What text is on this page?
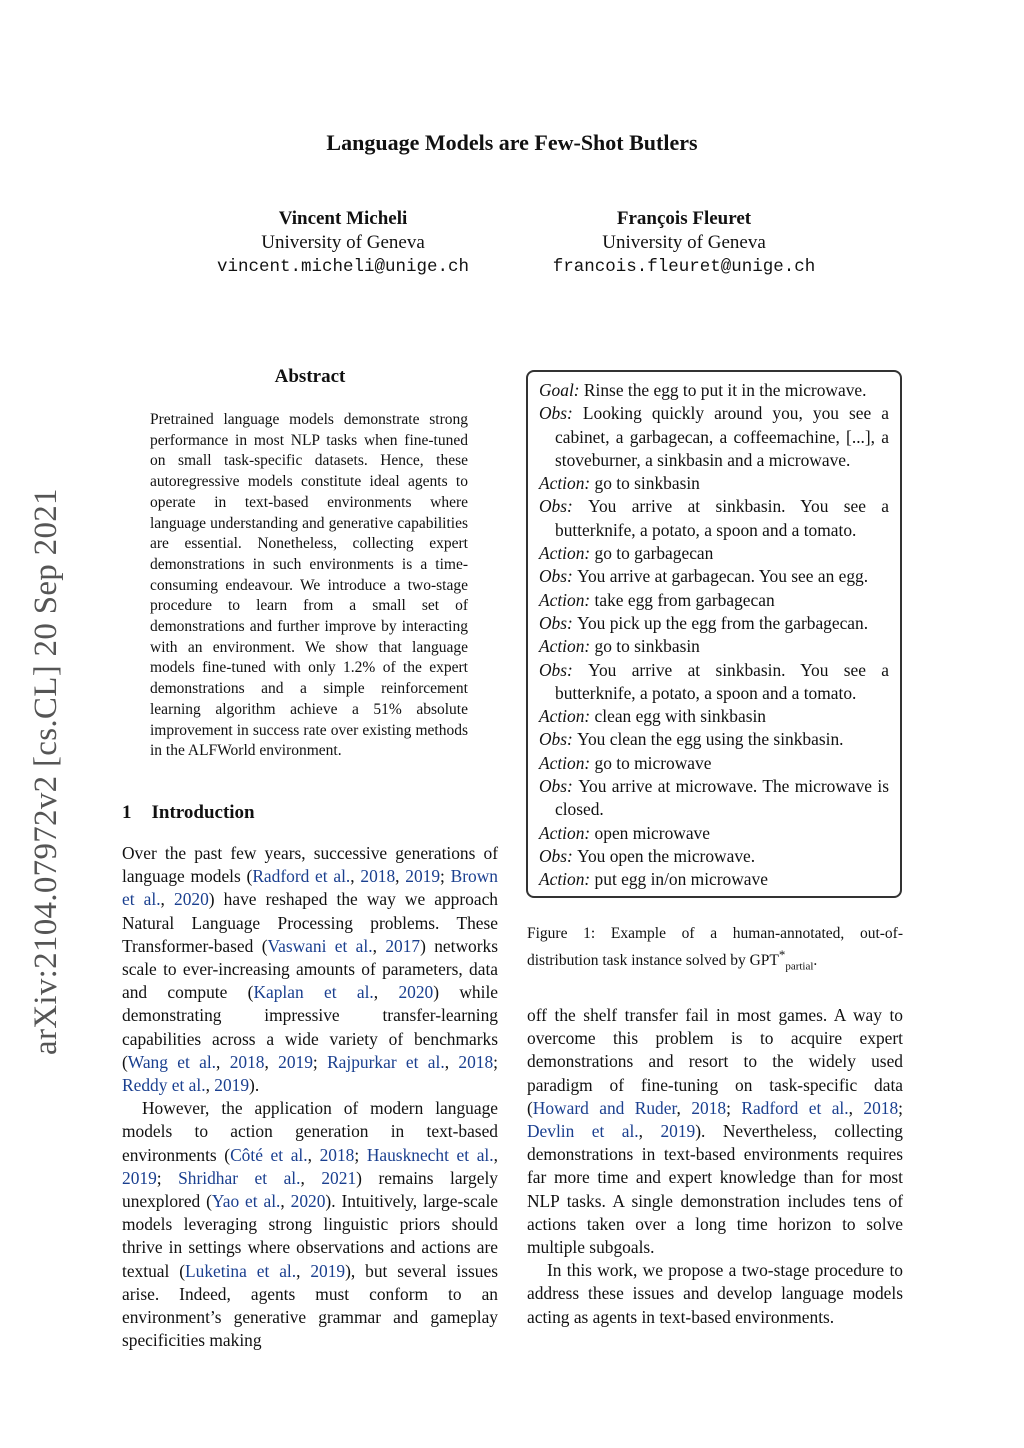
Language Models are Few-Shot Butlers
Vincent Micheli
University of Geneva
vincent.micheli@unige.ch
François Fleuret
University of Geneva
francois.fleuret@unige.ch
arXiv:2104.07972v2 [cs.CL] 20 Sep 2021
Abstract
Pretrained language models demonstrate strong performance in most NLP tasks when fine-tuned on small task-specific datasets. Hence, these autoregressive models constitute ideal agents to operate in text-based environments where language understanding and generative capabilities are essential. Nonetheless, collecting expert demonstrations in such environments is a time-consuming endeavour. We introduce a two-stage procedure to learn from a small set of demonstrations and further improve by interacting with an environment. We show that language models fine-tuned with only 1.2% of the expert demonstrations and a simple reinforcement learning algorithm achieve a 51% absolute improvement in success rate over existing methods in the ALFWorld environment.
1 Introduction

Over the past few years, successive generations of language models (Radford et al., 2018, 2019; Brown et al., 2020) have reshaped the way we approach Natural Language Processing problems. These Transformer-based (Vaswani et al., 2017) networks scale to ever-increasing amounts of parameters, data and compute (Kaplan et al., 2020) while demonstrating impressive transfer-learning capabilities across a wide variety of benchmarks (Wang et al., 2018, 2019; Rajpurkar et al., 2018; Reddy et al., 2019).

However, the application of modern language models to action generation in text-based environments (Côté et al., 2018; Hausknecht et al., 2019; Shridhar et al., 2021) remains largely unexplored (Yao et al., 2020). Intuitively, large-scale models leveraging strong linguistic priors should thrive in settings where observations and actions are textual (Luketina et al., 2019), but several issues arise. Indeed, agents must conform to an environment’s generative grammar and gameplay specificities making

Goal: Rinse the egg to put it in the microwave.
Obs: Looking quickly around you, you see a cabinet, a garbagecan, a coffeemachine, [...], a stoveburner, a sinkbasin and a microwave.
Action: go to sinkbasin
Obs: You arrive at sinkbasin. You see a butterknife, a potato, a spoon and a tomato.
Action: go to garbagecan
Obs: You arrive at garbagecan. You see an egg.
Action: take egg from garbagecan
Obs: You pick up the egg from the garbagecan.
Action: go to sinkbasin
Obs: You arrive at sinkbasin. You see a butterknife, a potato, a spoon and a tomato.
Action: clean egg with sinkbasin
Obs: You clean the egg using the sinkbasin.
Action: go to microwave
Obs: You arrive at microwave. The microwave is closed.
Action: open microwave
Obs: You open the microwave.
Action: put egg in/on microwave
Figure 1: Example of a human-annotated, out-of-distribution task instance solved by $GPT^*_{partial}$.

off the shelf transfer fail in most games. A way to overcome this problem is to acquire expert demonstrations and resort to the widely used paradigm of fine-tuning on task-specific data (Howard and Ruder, 2018; Radford et al., 2018; Devlin et al., 2019). Nevertheless, collecting demonstrations in text-based environments requires far more time and expert knowledge than for most NLP tasks. A single demonstration includes tens of actions taken over a long time horizon to solve multiple subgoals.

In this work, we propose a two-stage procedure to address these issues and develop language models acting as agents in text-based environments.
